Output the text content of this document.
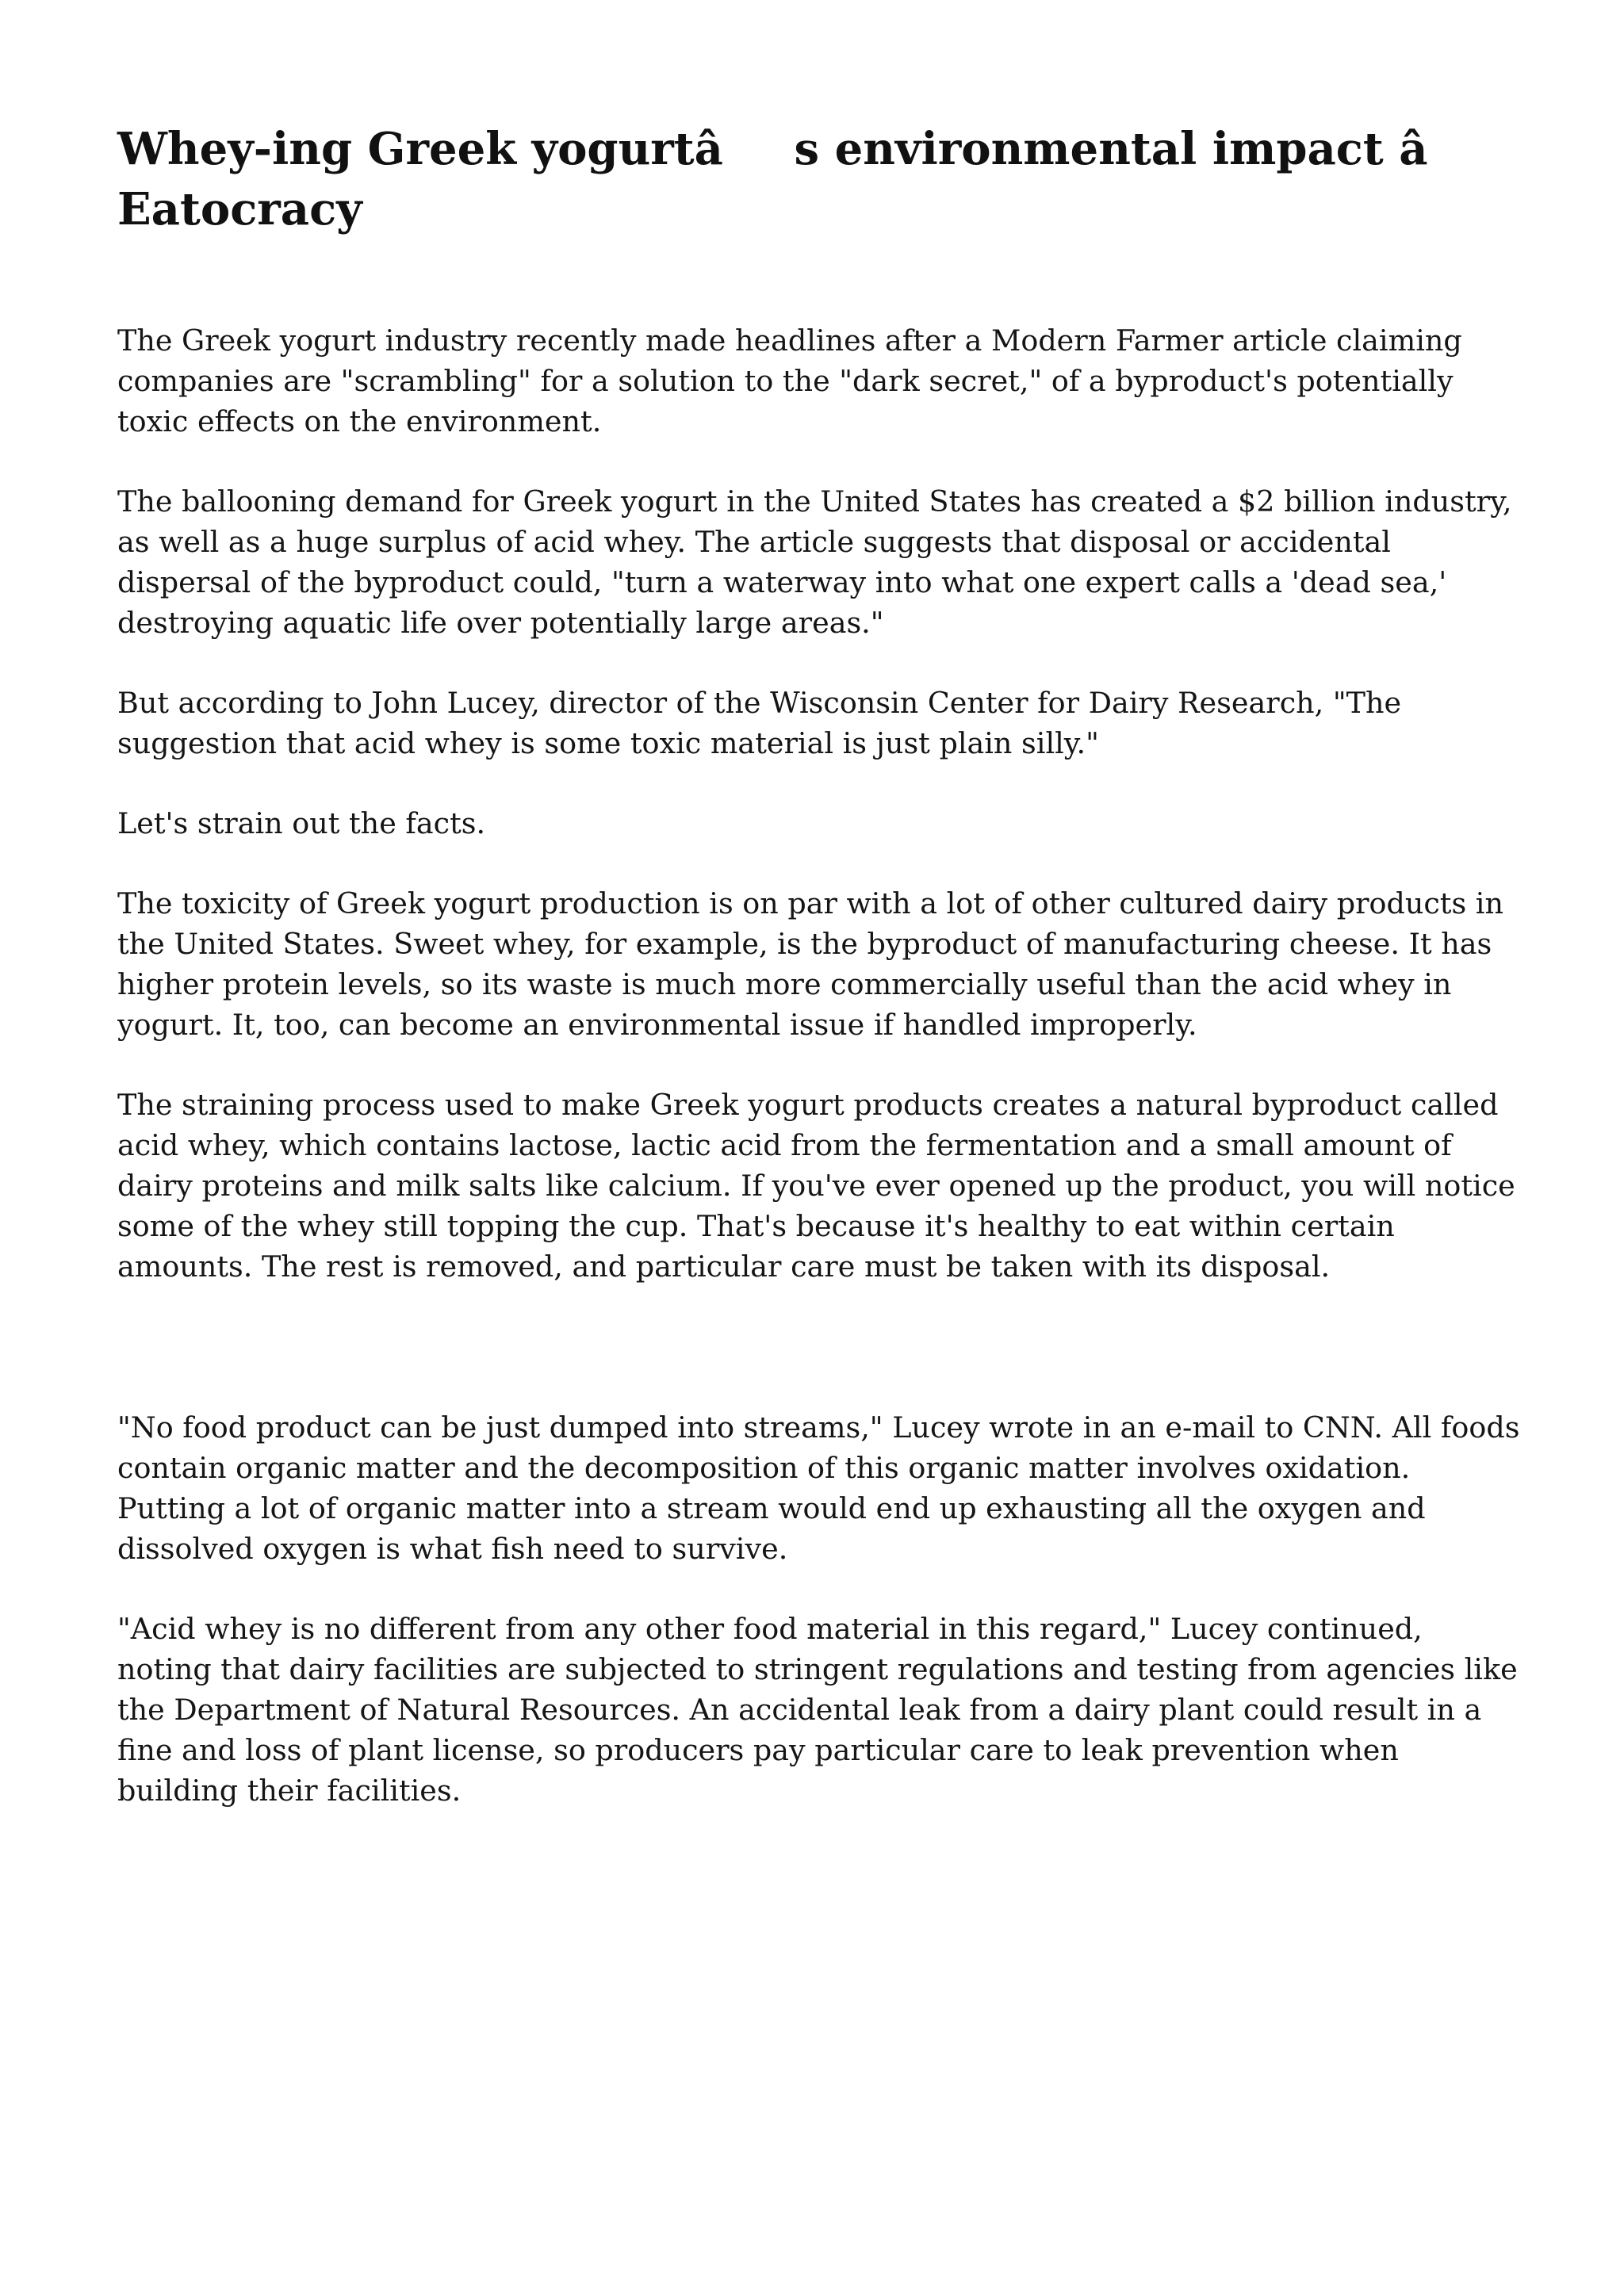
Whey-ing Greek yogurtâs environmental impact â Eatocracy

The Greek yogurt industry recently made headlines after a Modern Farmer article claiming companies are "scrambling" for a solution to the "dark secret," of a byproduct's potentially toxic effects on the environment.

The ballooning demand for Greek yogurt in the United States has created a $2 billion industry, as well as a huge surplus of acid whey. The article suggests that disposal or accidental dispersal of the byproduct could, "turn a waterway into what one expert calls a 'dead sea,' destroying aquatic life over potentially large areas."

But according to John Lucey, director of the Wisconsin Center for Dairy Research, "The suggestion that acid whey is some toxic material is just plain silly."

Let's strain out the facts.

The toxicity of Greek yogurt production is on par with a lot of other cultured dairy products in the United States. Sweet whey, for example, is the byproduct of manufacturing cheese. It has higher protein levels, so its waste is much more commercially useful than the acid whey in yogurt. It, too, can become an environmental issue if handled improperly.

The straining process used to make Greek yogurt products creates a natural byproduct called acid whey, which contains lactose, lactic acid from the fermentation and a small amount of dairy proteins and milk salts like calcium. If you've ever opened up the product, you will notice some of the whey still topping the cup. That's because it's healthy to eat within certain amounts. The rest is removed, and particular care must be taken with its disposal.

"No food product can be just dumped into streams," Lucey wrote in an e-mail to CNN. All foods contain organic matter and the decomposition of this organic matter involves oxidation. Putting a lot of organic matter into a stream would end up exhausting all the oxygen and dissolved oxygen is what fish need to survive.

"Acid whey is no different from any other food material in this regard," Lucey continued, noting that dairy facilities are subjected to stringent regulations and testing from agencies like the Department of Natural Resources. An accidental leak from a dairy plant could result in a fine and loss of plant license, so producers pay particular care to leak prevention when building their facilities.
